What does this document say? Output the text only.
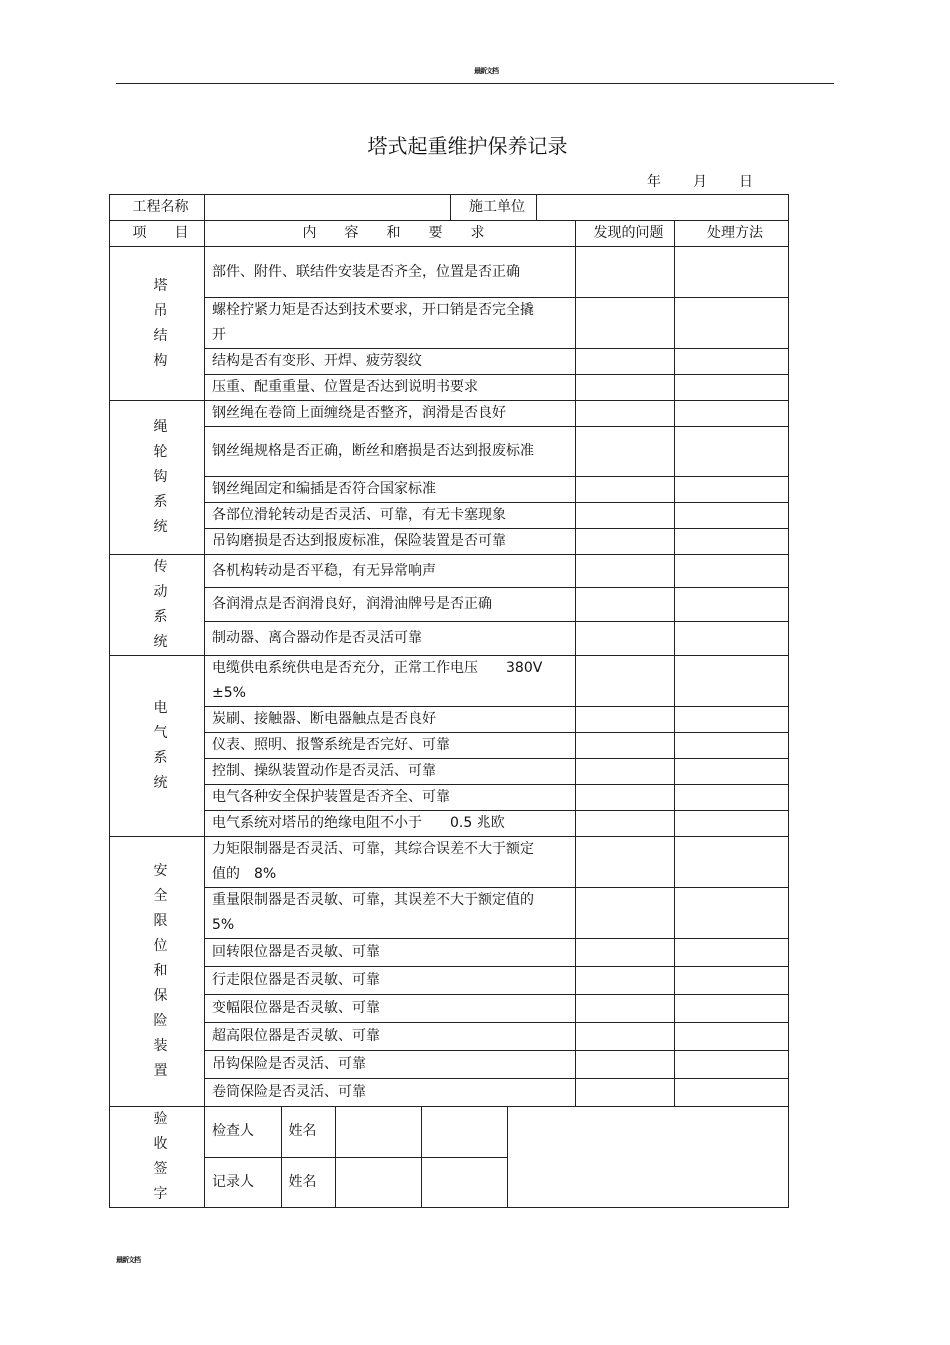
最新文档
塔式起重维护保养记录
年 月 日
工程名称		施工单位	
项　　目	内　　容　　和　　要　　求	发现的问题	处理方法

塔
吊
结
构

部件、附件、联结件安装是否齐全，位置是否正确

螺栓拧紧力矩是否达到技术要求，开口销是否完全撬开

结构是否有变形、开焊、疲劳裂纹		
压重、配重重量、位置是否达到说明书要求		

绳
轮
钩
系
统
	钢丝绳在卷筒上面缠绕是否整齐，润滑是否良好		

钢丝绳规格是否正确，断丝和磨损是否达到报废标准

钢丝绳固定和编插是否符合国家标准		
各部位滑轮转动是否灵活、可靠，有无卡塞现象		
吊钩磨损是否达到报废标准，保险装置是否可靠		

传
动
系
统
	各机构转动是否平稳，有无异常响声		
各润滑点是否润滑良好，润滑油牌号是否正确		
制动器、离合器动作是否灵活可靠		

电
气
系
统

电缆供电系统供电是否充分，正常工作电压　　380V ±5%

炭刷、接触器、断电器触点是否良好		
仪表、照明、报警系统是否完好、可靠		
控制、操纵装置动作是否灵活、可靠		
电气各种安全保护装置是否齐全、可靠		
电气系统对塔吊的绝缘电阻不小于　　0.5 兆欧		

安
全
限
位
和
保
险
装
置

力矩限制器是否灵活、可靠，其综合误差不大于额定值的　8%

重量限制器是否灵敏、可靠，其误差不大于额定值的　5%

回转限位器是否灵敏、可靠		
行走限位器是否灵敏、可靠		
变幅限位器是否灵敏、可靠		
超高限位器是否灵敏、可靠		
吊钩保险是否灵活、可靠		
卷筒保险是否灵活、可靠		

验
收
签
字

检查人	姓名			
记录人	姓名		
最新文档
